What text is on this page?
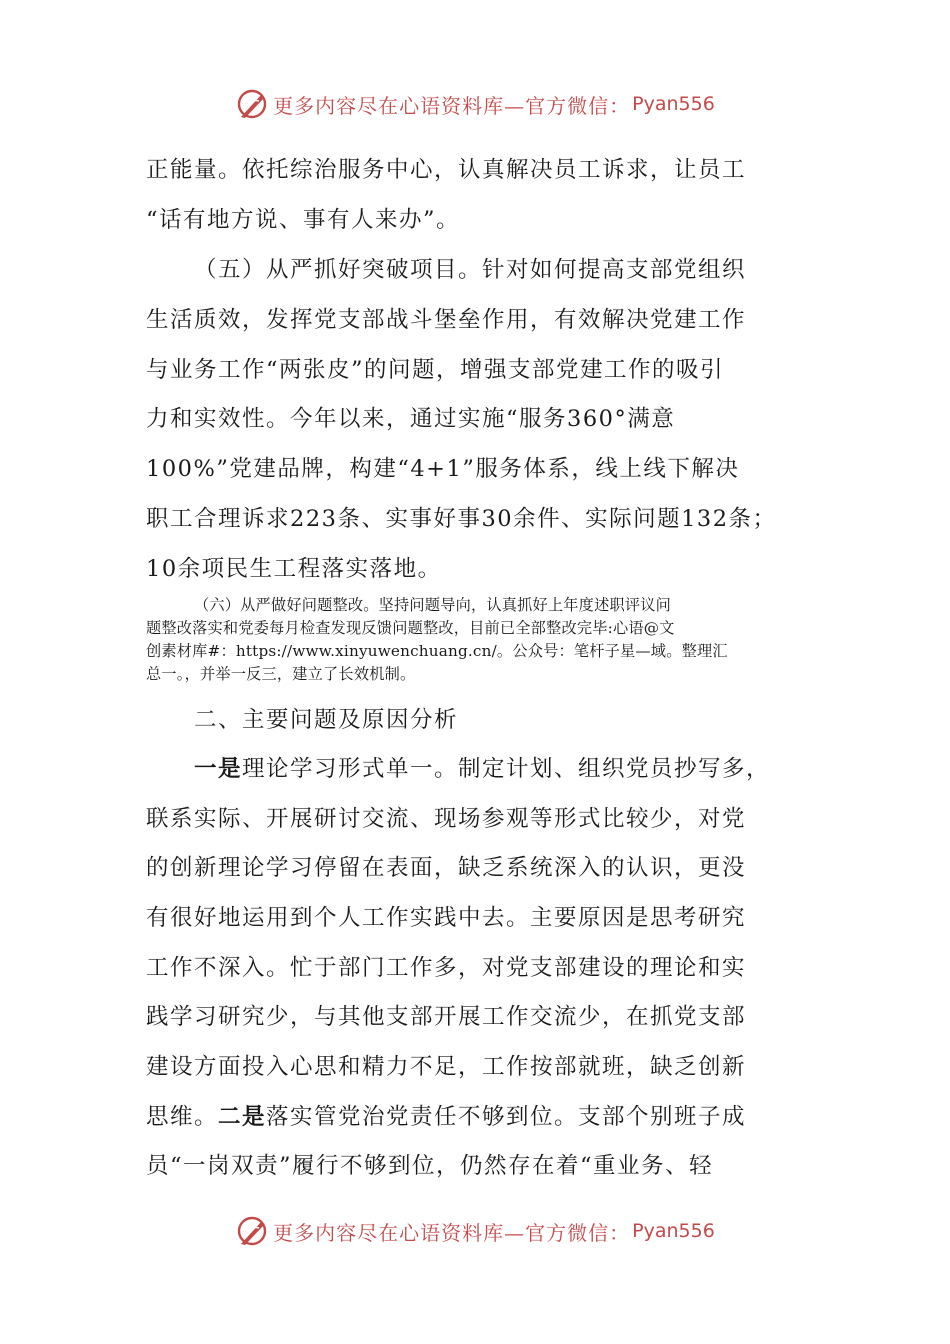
更多内容尽在心语资料库—官方微信： Pyan556
正能量。依托综治服务中心，认真解决员工诉求，让员工
“话有地方说、事有人来办”。
（五）从严抓好突破项目。针对如何提高支部党组织
生活质效，发挥党支部战斗堡垒作用，有效解决党建工作
与业务工作“两张皮”的问题，增强支部党建工作的吸引
力和实效性。今年以来，通过实施“服务360°满意
100%”党建品牌，构建“4+1”服务体系，线上线下解决
职工合理诉求223条、实事好事30余件、实际问题132条；
10余项民生工程落实落地。
（六）从严做好问题整改。坚持问题导向，认真抓好上年度述职评议问
题整改落实和党委每月检查发现反馈问题整改，目前已全部整改完毕:心语@文
创素材库#：https://www.xinyuwenchuang.cn/。公众号：笔杆子星—域。整理汇
总一。，并举一反三，建立了长效机制。
二、主要问题及原因分析
一是理论学习形式单一。制定计划、组织党员抄写多，
联系实际、开展研讨交流、现场参观等形式比较少，对党
的创新理论学习停留在表面，缺乏系统深入的认识，更没
有很好地运用到个人工作实践中去。主要原因是思考研究
工作不深入。忙于部门工作多，对党支部建设的理论和实
践学习研究少，与其他支部开展工作交流少，在抓党支部
建设方面投入心思和精力不足，工作按部就班，缺乏创新
思维。二是落实管党治党责任不够到位。支部个别班子成
员“一岗双责”履行不够到位，仍然存在着“重业务、轻
更多内容尽在心语资料库—官方微信： Pyan556
